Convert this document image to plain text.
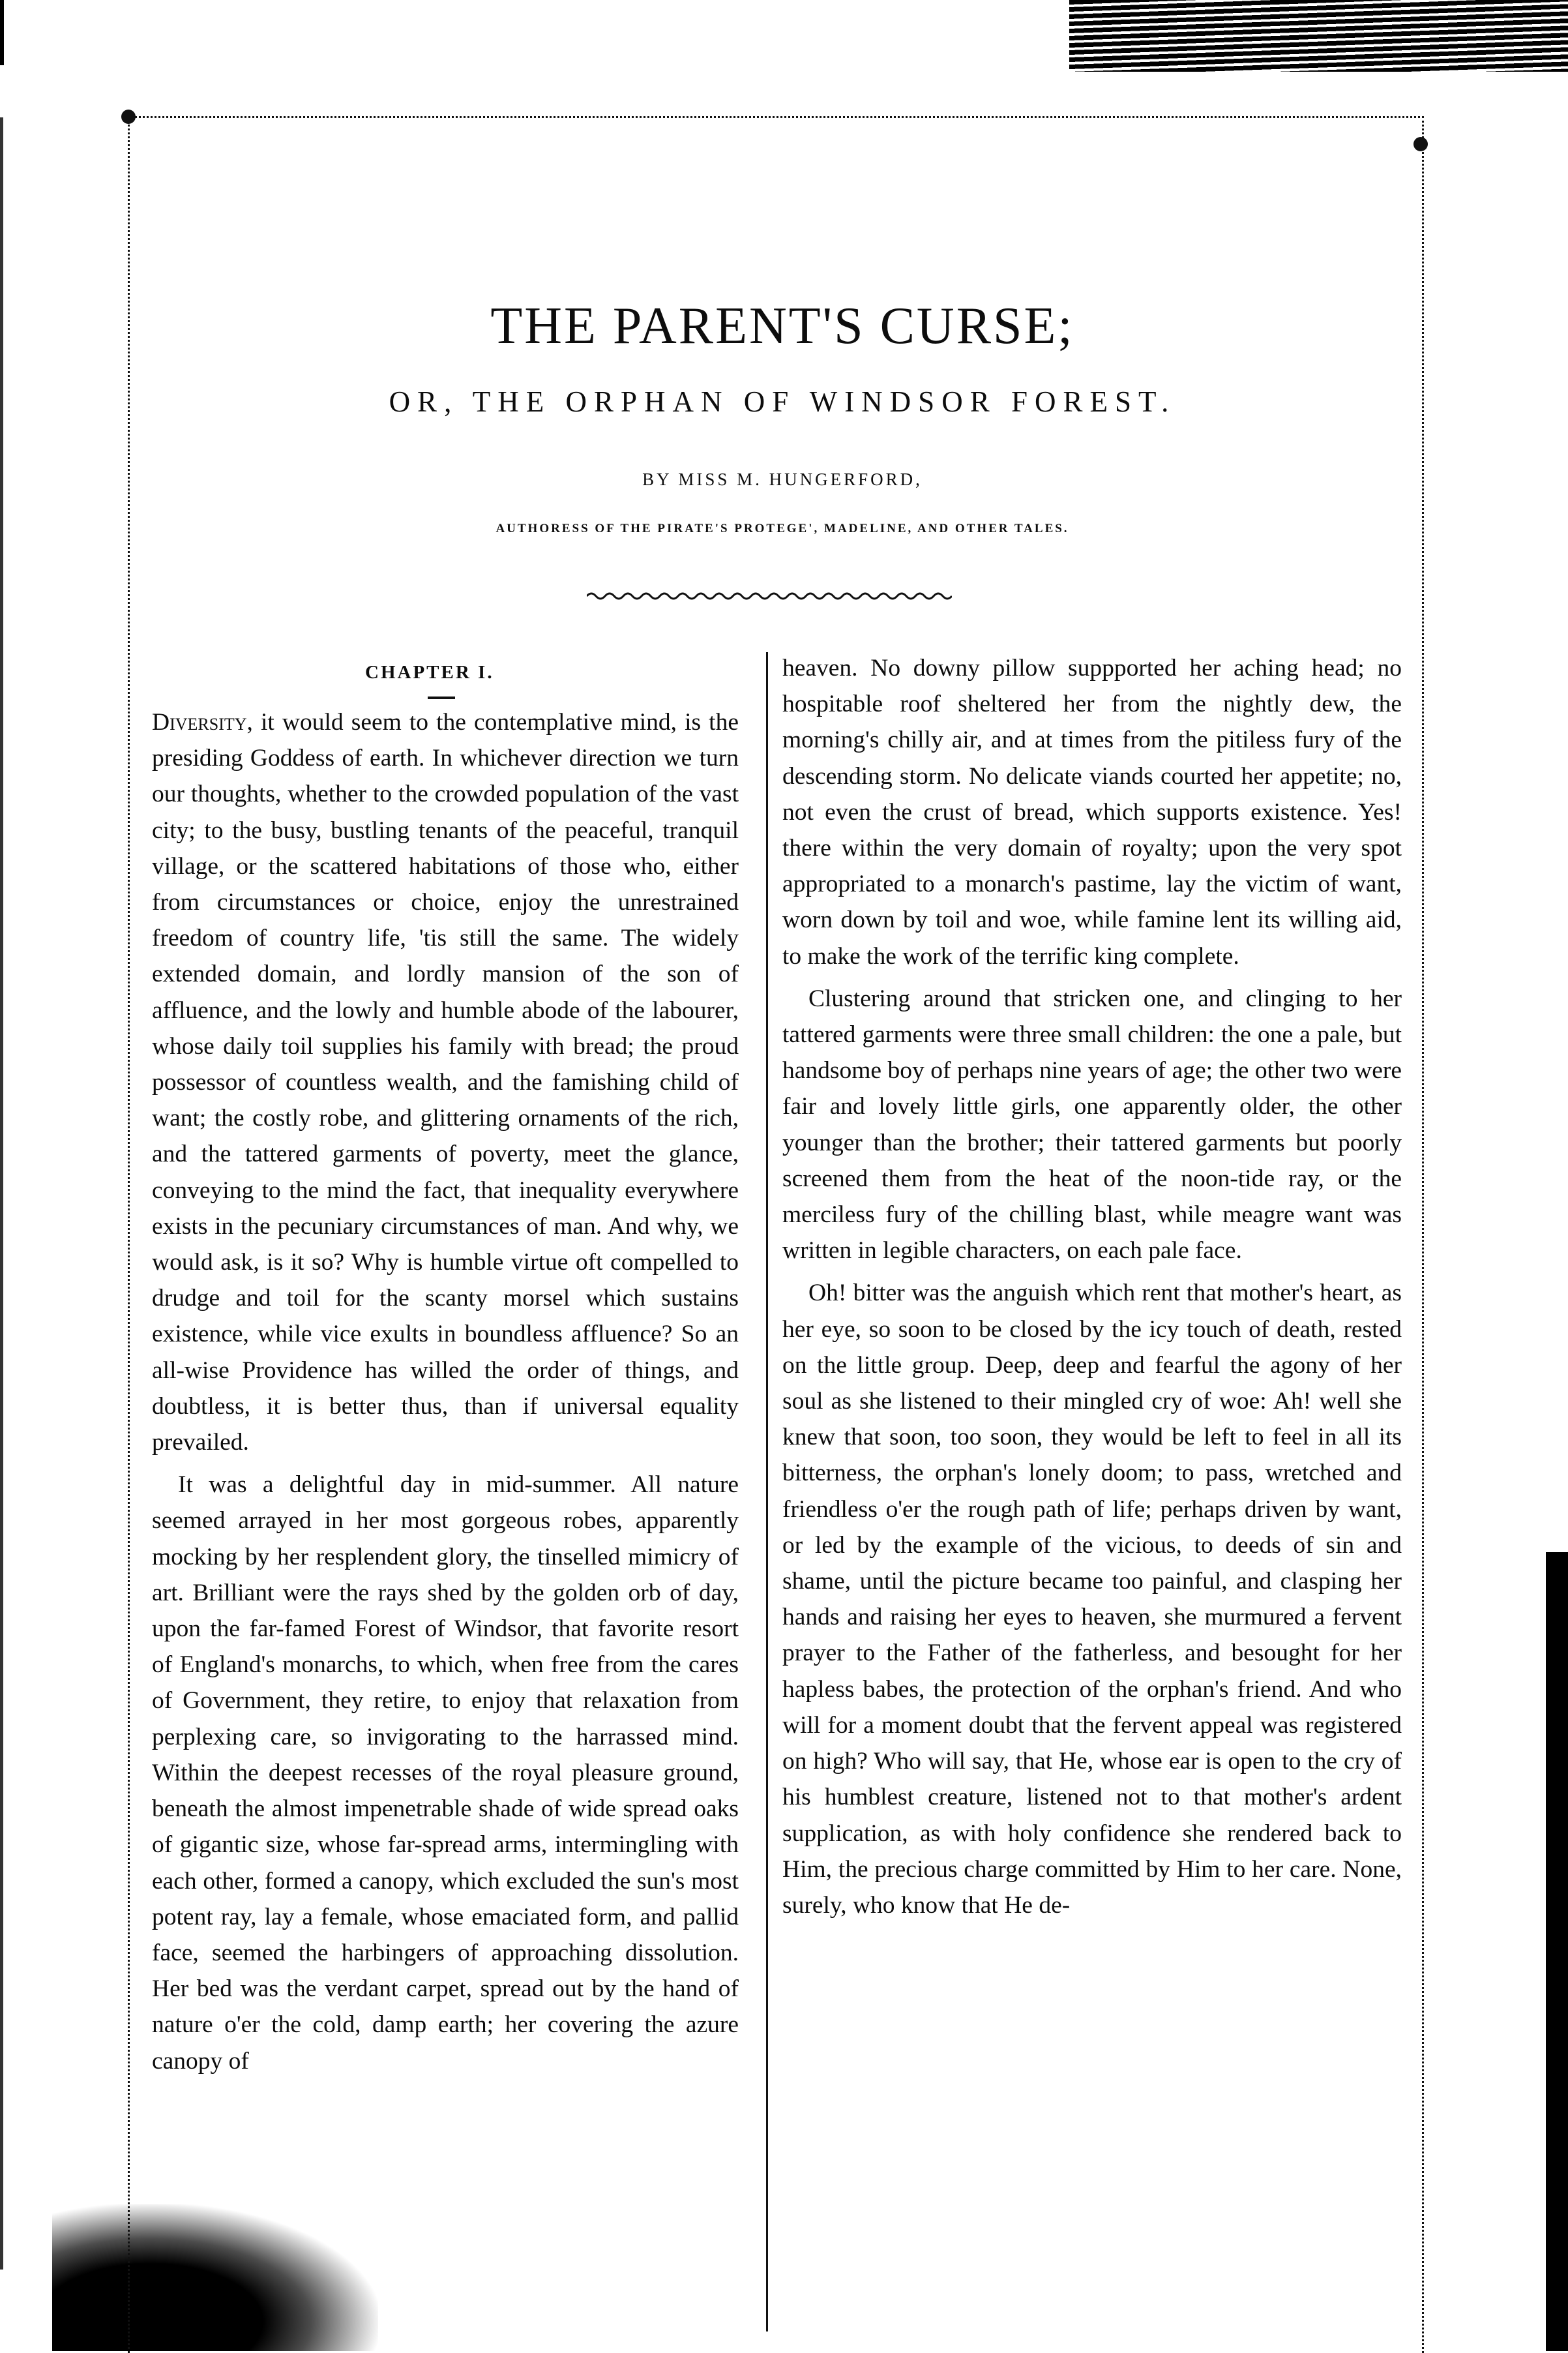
THE PARENT'S CURSE;
OR, THE ORPHAN OF WINDSOR FOREST.
BY MISS M. HUNGERFORD,
AUTHORESS OF THE PIRATE'S PROTEGE', MADELINE, AND OTHER TALES.
CHAPTER I.

Diversity, it would seem to the contemplative mind, is the presiding Goddess of earth. In whichever direction we turn our thoughts, whether to the crowded population of the vast city; to the busy, bustling tenants of the peaceful, tranquil village, or the scattered habitations of those who, either from circumstances or choice, enjoy the unrestrained freedom of country life, 'tis still the same. The widely extended domain, and lordly mansion of the son of affluence, and the lowly and humble abode of the labourer, whose daily toil supplies his family with bread; the proud possessor of countless wealth, and the famishing child of want; the costly robe, and glittering ornaments of the rich, and the tattered garments of poverty, meet the glance, conveying to the mind the fact, that inequality everywhere exists in the pecuniary circumstances of man. And why, we would ask, is it so? Why is humble virtue oft compelled to drudge and toil for the scanty morsel which sustains existence, while vice exults in boundless affluence? So an all-wise Providence has willed the order of things, and doubtless, it is better thus, than if universal equality prevailed.

It was a delightful day in mid-summer. All nature seemed arrayed in her most gorgeous robes, apparently mocking by her resplendent glory, the tinselled mimicry of art. Brilliant were the rays shed by the golden orb of day, upon the far-famed Forest of Windsor, that favorite resort of England's monarchs, to which, when free from the cares of Government, they retire, to enjoy that relaxation from perplexing care, so invigorating to the harrassed mind. Within the deepest recesses of the royal pleasure ground, beneath the almost impenetrable shade of wide spread oaks of gigantic size, whose far-spread arms, intermingling with each other, formed a canopy, which excluded the sun's most potent ray, lay a female, whose emaciated form, and pallid face, seemed the harbingers of approaching dissolution. Her bed was the verdant carpet, spread out by the hand of nature o'er the cold, damp earth; her covering the azure canopy of

heaven. No downy pillow suppported her aching head; no hospitable roof sheltered her from the nightly dew, the morning's chilly air, and at times from the pitiless fury of the descending storm. No delicate viands courted her appetite; no, not even the crust of bread, which supports existence. Yes! there within the very domain of royalty; upon the very spot appropriated to a monarch's pastime, lay the victim of want, worn down by toil and woe, while famine lent its willing aid, to make the work of the terrific king complete.

Clustering around that stricken one, and clinging to her tattered garments were three small children: the one a pale, but handsome boy of perhaps nine years of age; the other two were fair and lovely little girls, one apparently older, the other younger than the brother; their tattered garments but poorly screened them from the heat of the noon-tide ray, or the merciless fury of the chilling blast, while meagre want was written in legible characters, on each pale face.

Oh! bitter was the anguish which rent that mother's heart, as her eye, so soon to be closed by the icy touch of death, rested on the little group. Deep, deep and fearful the agony of her soul as she listened to their mingled cry of woe: Ah! well she knew that soon, too soon, they would be left to feel in all its bitterness, the orphan's lonely doom; to pass, wretched and friendless o'er the rough path of life; perhaps driven by want, or led by the example of the vicious, to deeds of sin and shame, until the picture became too painful, and clasping her hands and raising her eyes to heaven, she murmured a fervent prayer to the Father of the fatherless, and besought for her hapless babes, the protection of the orphan's friend. And who will for a moment doubt that the fervent appeal was registered on high? Who will say, that He, whose ear is open to the cry of his humblest creature, listened not to that mother's ardent supplication, as with holy confidence she rendered back to Him, the precious charge committed by Him to her care. None, surely, who know that He de-
